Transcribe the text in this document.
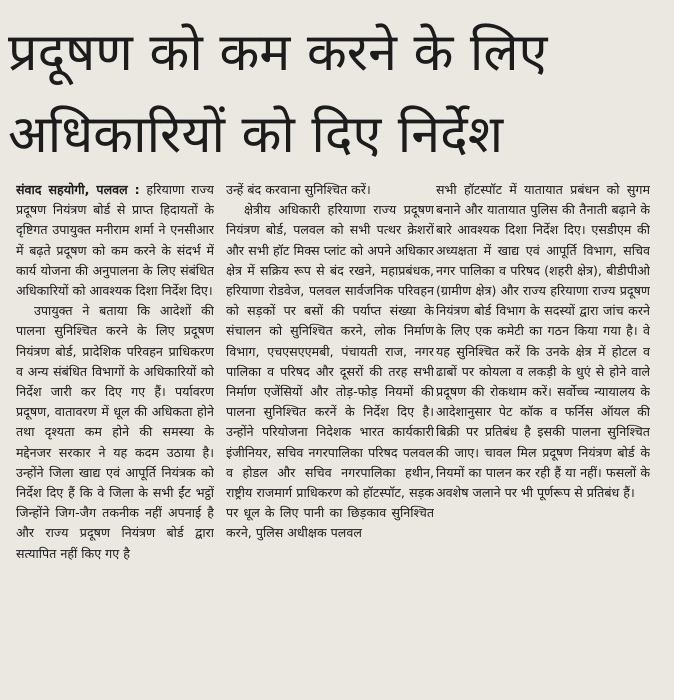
प्रदूषण को कम करने के लिए
अधिकारियों को दिए निर्देश

संवाद सहयोगी, पलवल : हरियाणा राज्य प्रदूषण नियंत्रण बोर्ड से प्राप्त हिदायतों के दृष्टिगत उपायुक्त मनीराम शर्मा ने एनसीआर में बढ़ते प्रदूषण को कम करने के संदर्भ में कार्य योजना की अनुपालना के लिए संबंधित अधिकारियों को आवश्यक दिशा निर्देश दिए।

उपायुक्त ने बताया कि आदेशों की पालना सुनिश्चित करने के लिए प्रदूषण नियंत्रण बोर्ड, प्रादेशिक परिवहन प्राधिकरण व अन्य संबंधित विभागों के अधिकारियों को निर्देश जारी कर दिए गए हैं। पर्यावरण प्रदूषण, वातावरण में धूल की अधिकता होने तथा दृश्यता कम होने की समस्या के मद्देनजर सरकार ने यह कदम उठाया है। उन्होंने जिला खाद्य एवं आपूर्ति नियंत्रक को निर्देश दिए हैं कि वे जिला के सभी ईंट भट्ठों जिन्होंने जिग-जैग तकनीक नहीं अपनाई है और राज्य प्रदूषण नियंत्रण बोर्ड द्वारा सत्यापित नहीं किए गए है

उन्हें बंद करवाना सुनिश्चित करें।

क्षेत्रीय अधिकारी हरियाणा राज्य प्रदूषण नियंत्रण बोर्ड, पलवल को सभी पत्थर क्रेशरों और सभी हॉट मिक्स प्लांट को अपने अधिकार क्षेत्र में सक्रिय रूप से बंद रखने, महाप्रबंधक, हरियाणा रोडवेज, पलवल सार्वजनिक परिवहन को सड़कों पर बसों की पर्याप्त संख्या के संचालन को सुनिश्चित करने, लोक निर्माण विभाग, एचएसएएमबी, पंचायती राज, नगर पालिका व परिषद और दूसरों की तरह सभी निर्माण एजेंसियों और तोड़-फोड़ नियमों की पालना सुनिश्चित करनें के निर्देश दिए है। उन्होंने परियोजना निदेशक भारत कार्यकारी इंजीनियर, सचिव नगरपालिका परिषद पलवल व होडल और सचिव नगरपालिका हथीन, राष्ट्रीय राजमार्ग प्राधिकरण को हॉटस्पॉट, सड़क पर धूल के लिए पानी का छिड़काव सुनिश्चित करने, पुलिस अधीक्षक पलवल

सभी हॉटस्पॉट में यातायात प्रबंधन को सुगम बनाने और यातायात पुलिस की तैनाती बढ़ाने के बारे आवश्यक दिशा निर्देश दिए। एसडीएम की अध्यक्षता में खाद्य एवं आपूर्ति विभाग, सचिव नगर पालिका व परिषद (शहरी क्षेत्र), बीडीपीओ (ग्रामीण क्षेत्र) और राज्य हरियाणा राज्य प्रदूषण नियंत्रण बोर्ड विभाग के सदस्यों द्वारा जांच करने के लिए एक कमेटी का गठन किया गया है। वे यह सुनिश्चित करें कि उनके क्षेत्र में होटल व ढाबों पर कोयला व लकड़ी के धुएं से होने वाले प्रदूषण की रोकथाम करें। सर्वोच्च न्यायालय के आदेशानुसार पेट कॉक व फर्निस ऑयल की बिक्री पर प्रतिबंध है इसकी पालना सुनिश्चित की जाए। चावल मिल प्रदूषण नियंत्रण बोर्ड के नियमों का पालन कर रही हैं या नहीं। फसलों के अवशेष जलाने पर भी पूर्णरूप से प्रतिबंध हैं।
